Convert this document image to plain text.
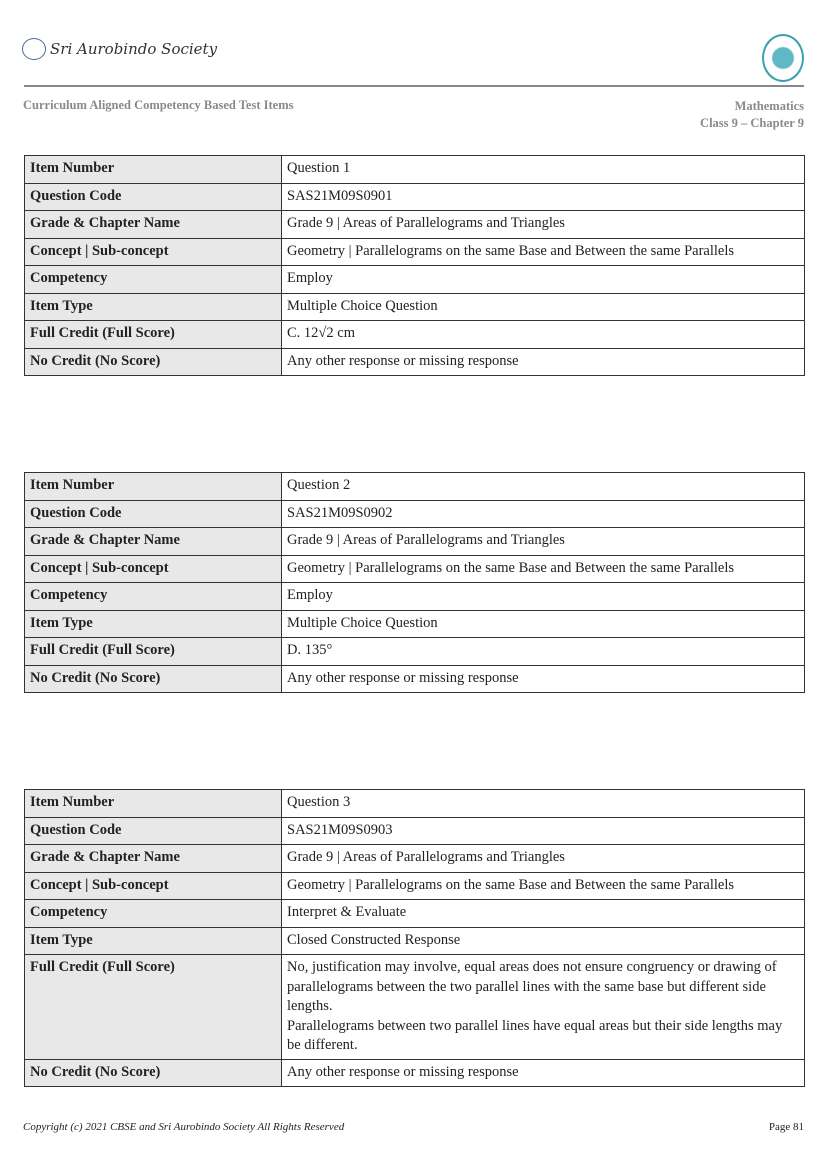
Sri Aurobindo Society
Curriculum Aligned Competency Based Test Items	Mathematics
Class 9 – Chapter 9
Item Number	Question 1
Question Code	SAS21M09S0901
Grade & Chapter Name	Grade 9 | Areas of Parallelograms and Triangles
Concept | Sub-concept	Geometry | Parallelograms on the same Base and Between the same Parallels
Competency	Employ
Item Type	Multiple Choice Question
Full Credit (Full Score)	C. 12√2 cm
No Credit (No Score)	Any other response or missing response
Item Number	Question 2
Question Code	SAS21M09S0902
Grade & Chapter Name	Grade 9 | Areas of Parallelograms and Triangles
Concept | Sub-concept	Geometry | Parallelograms on the same Base and Between the same Parallels
Competency	Employ
Item Type	Multiple Choice Question
Full Credit (Full Score)	D. 135°
No Credit (No Score)	Any other response or missing response
Item Number	Question 3
Question Code	SAS21M09S0903
Grade & Chapter Name	Grade 9 | Areas of Parallelograms and Triangles
Concept | Sub-concept	Geometry | Parallelograms on the same Base and Between the same Parallels
Competency	Interpret & Evaluate
Item Type	Closed Constructed Response
Full Credit (Full Score)	No, justification may involve, equal areas does not ensure congruency or drawing of parallelograms between the two parallel lines with the same base but different side lengths.
Parallelograms between two parallel lines have equal areas but their side lengths may be different.
No Credit (No Score)	Any other response or missing response
Copyright (c) 2021 CBSE and Sri Aurobindo Society All Rights Reserved	Page 81
